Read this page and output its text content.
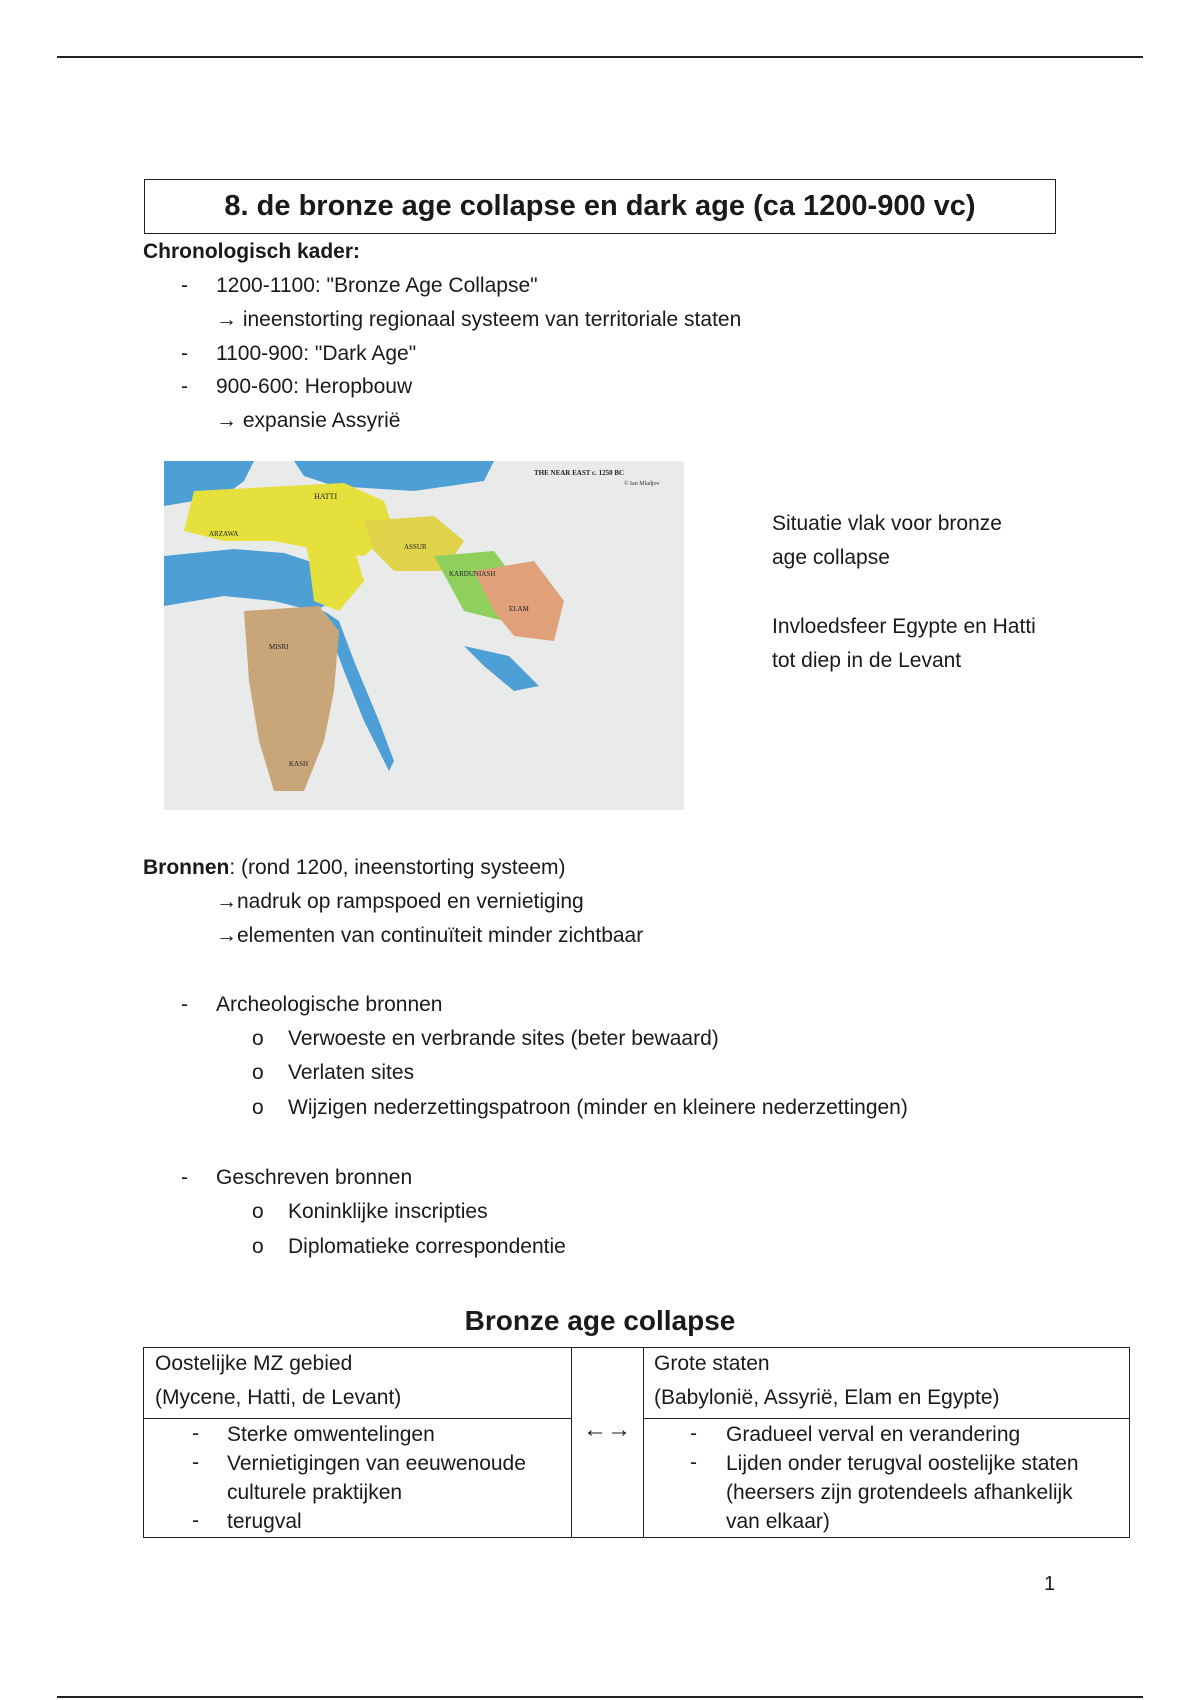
8. de bronze age collapse en dark age (ca 1200-900 vc)
Chronologisch kader:
- 1200-1100: "Bronze Age Collapse"
→ ineenstorting regionaal systeem van territoriale staten
- 1100-900: "Dark Age"
- 900-600: Heropbouw
→ expansie Assyrië
THE NEAR EAST c. 1250 BC
© Ian Mladjov
HATTI
ARZAWA
ASSUR
KARDUNIASH
ELAM
MISRI
KASH
Situatie vlak voor bronze
age collapse
Invloedsfeer Egypte en Hatti
tot diep in de Levant
Bronnen: (rond 1200, ineenstorting systeem)
→nadruk op rampspoed en vernietiging
→elementen van continuïteit minder zichtbaar
- Archeologische bronnen
o Verwoeste en verbrande sites (beter bewaard)
o Verlaten sites
o Wijzigen nederzettingspatroon (minder en kleinere nederzettingen)
- Geschreven bronnen
o Koninklijke inscripties
o Diplomatieke correspondentie
Bronze age collapse
Oostelijke MZ gebied
(Mycene, Hatti, de Levant)
- Sterke omwentelingen
- Vernietigingen van eeuwenoude
culturele praktijken
- terugval
←→
Grote staten
(Babylonië, Assyrië, Elam en Egypte)
- Gradueel verval en verandering
- Lijden onder terugval oostelijke staten
(heersers zijn grotendeels afhankelijk
van elkaar)
1
